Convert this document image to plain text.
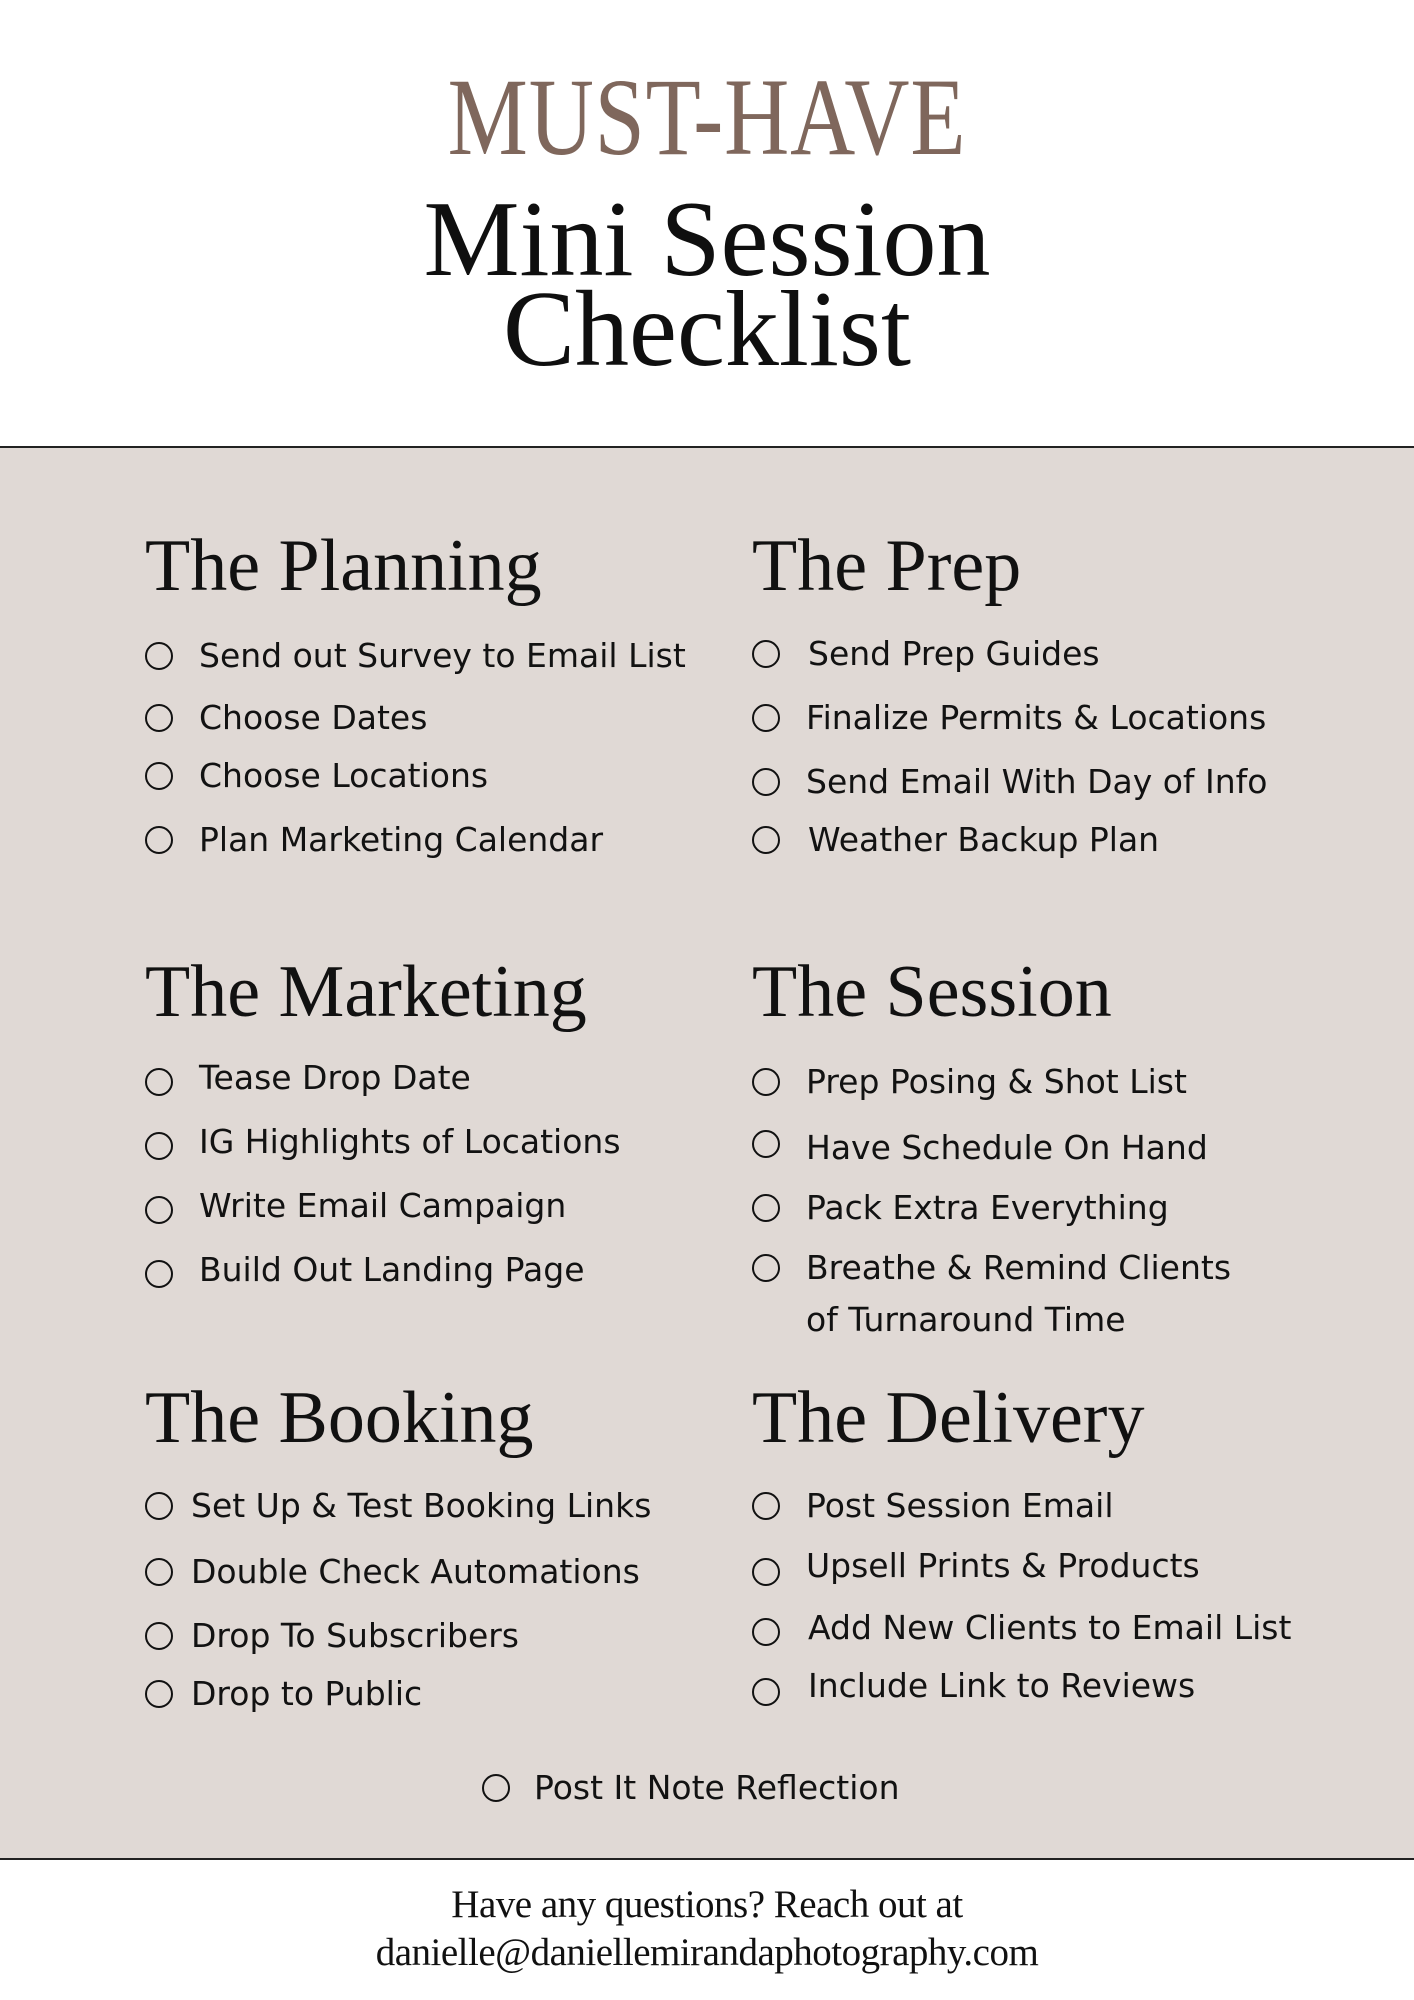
MUST-HAVE
Mini Session
Checklist
The Planning
Send out Survey to Email List
Choose Dates
Choose Locations
Plan Marketing Calendar
The Prep
Send Prep Guides
Finalize Permits & Locations
Send Email With Day of Info
Weather Backup Plan
The Marketing
Tease Drop Date
IG Highlights of Locations
Write Email Campaign
Build Out Landing Page
The Session
Prep Posing & Shot List
Have Schedule On Hand
Pack Extra Everything
Breathe & Remind Clients
of Turnaround Time
The Booking
Set Up & Test Booking Links
Double Check Automations
Drop To Subscribers
Drop to Public
The Delivery
Post Session Email
Upsell Prints & Products
Add New Clients to Email List
Include Link to Reviews
Post It Note Reflection
Have any questions? Reach out at
danielle@daniellemirandaphotography.com
